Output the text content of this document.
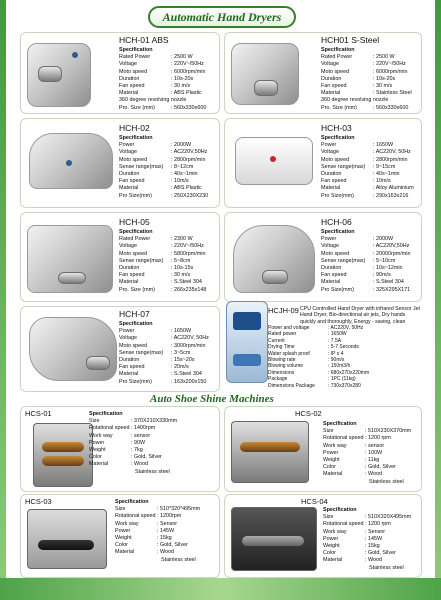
Automatic Hand Dryers
HCH-01 ABS
Specification
Rated Power	: 2500 W
Voltage	: 220V~/50Hz
Moto speed	: 6000rpm/min
Duration	: 10s-20s
Fan speed	: 30 m/s
Material	: ABS Plastic
360 degree revolving nozzle
Pro. Size (mm)	: 560x330x600
HCH01 S-Steel
Specification
Rated Power	: 2500 W
Voltage	: 220V~/50Hz
Moto speed	: 6000rpm/min
Duration	: 10s-20s
Fan speed	: 30 m/s
Material	: Stainless Steel
360 degree revolving nozzle
Pro. Size (mm)	: 560x330x600
HCH-02
Specification
Power	: 2000W
Voltage	: AC220V,50Hz
Moto speed	: 2800rpm/min
Sense range(max)	: 8~12cm
Duration	: 40s~1min
Fan speed	: 10m/s
Material	: ABS Plastic
Pro Size(mm)	: 250X230X230
HCH-03
Specification
Power	: 1650W
Voltage	: AC220V, 50Hz
Moto speed	: 2800rpm/min
Sense range(max)	: 9~15cm
Duration	: 40s~1min
Fan speed	: 10m/s
Material	: Alloy Aluminium
Pro Size(mm)	: 290x163x216
HCH-05
Specification
Rated Power	: 2300 W
Voltage	: 220V~/50Hz
Moto speed	: 5800rpm/min
Sense range(max)	: 5~8cm
Duration	: 10s-15s
Fan speed	: 30 m/s
Material	: S.Steel 304
Pro. Size (mm)	: 266x235x148
HCH-06
Specification
Power	: 2000W
Voltage	: AC220V,50Hz
Moto speed	: 20000rpm/min
Sense range(max)	: 5~10cm
Duration	: 10s~12min
Fan speed	: 90m/s
Material	: S.Steel 304
Pro Size(mm)	: 325X295X171
HCH-07
Specification
Power	: 1650W
Voltage	: AC220V, 50Hz
Moto speed	: 3000rpm/min
Sense range(max)	: 3~5cm
Duration	: 15s~20s
Fan speed	: 20m/s
Material	: S.Steel 304
Pro Size(mm)	: 163x200x150
HCJH-09 CPU Controlled Hand Dryer with infrared Sensor Jet Hand Dryer, Bio-directional air jets, Dry hands quickly and thoroughly, Energy - saving, clean
Power and voltage	: AC220V, 50Hz
Rated power	: 1650W
Current	: 7.5A
Drying Time	: 5-7 Seconds
Water splash proof	: IP x 4
Blowing rate	: 90m/s
Blowing volume	: 150m3/h
Dimensions	: 680x270x220mm
Package	: 1PC (11kg)
Dimensions Package	: 730x370x280
Auto Shoe Shine Machines
HCS-01	Specification
Size	: 370X210X330mm
Rotational speed : 1400rpm
Work way	: sensor
Power	: 90W
Weight	: 7kg
Color	: Gold, Silver
Material	: Wood
Stainless steel
HCS-02
Specification
Size	: 510X230X370mm
Rotational speed : 1200 rpm
Work way	: sensor
Power	: 100W
Weight	: 11kg
Color	: Gold, Silver
Material	: Wood
Stainless steel
HCS-03	Specification
Size	: 510*320*495mm
Rotational speed : 1200rpm
Work way	: Sensor
Power	: 145W
Weight	: 15kg
Color	: Gold, Silver
Material	: Wood
Stainless steel
HCS-04
Specification
Size	: 510X320X495mm
Rotational speed : 1200 rpm
Work way	: Sensor
Power	: 145W
Weight	: 15kg
Color	: Gold, Silver
Material	: Wood
Stainless steel
